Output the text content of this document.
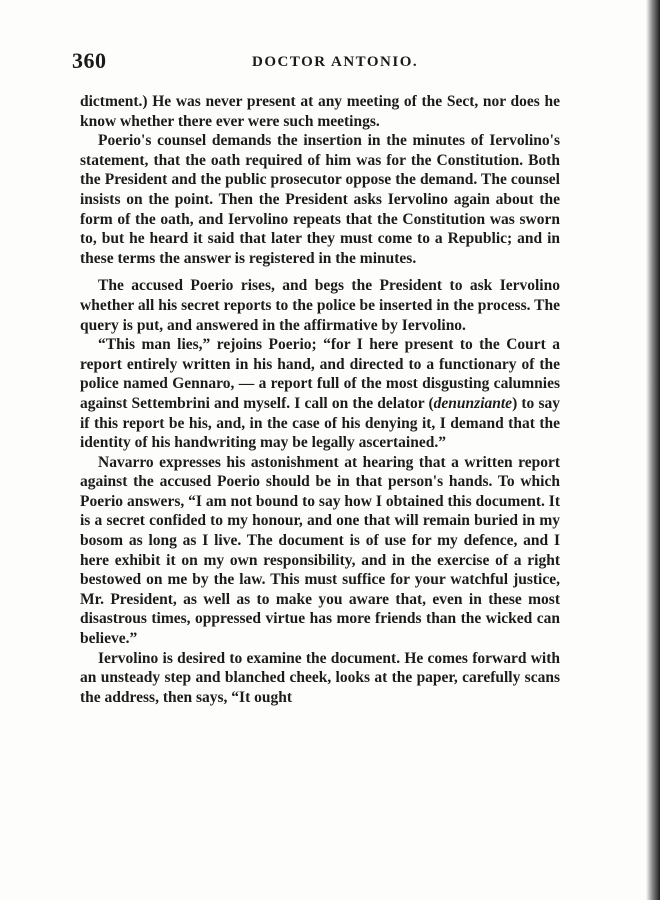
360	DOCTOR ANTONIO.

dictment.) He was never present at any meeting of the Sect, nor does he know whether there ever were such meetings.

Poerio's counsel demands the insertion in the minutes of Iervolino's statement, that the oath required of him was for the Constitution. Both the President and the public prosecutor oppose the demand. The counsel insists on the point. Then the President asks Iervolino again about the form of the oath, and Iervolino repeats that the Constitution was sworn to, but he heard it said that later they must come to a Republic; and in these terms the answer is registered in the minutes.

The accused Poerio rises, and begs the President to ask Iervolino whether all his secret reports to the police be inserted in the process. The query is put, and answered in the affirmative by Iervolino.

“This man lies,” rejoins Poerio; “for I here present to the Court a report entirely written in his hand, and directed to a functionary of the police named Gennaro, — a report full of the most disgusting calumnies against Settembrini and myself. I call on the delator (denunziante) to say if this report be his, and, in the case of his denying it, I demand that the identity of his handwriting may be legally ascertained.”

Navarro expresses his astonishment at hearing that a written report against the accused Poerio should be in that person's hands. To which Poerio answers, “I am not bound to say how I obtained this document. It is a secret confided to my honour, and one that will remain buried in my bosom as long as I live. The document is of use for my defence, and I here exhibit it on my own responsibility, and in the exercise of a right bestowed on me by the law. This must suffice for your watchful justice, Mr. President, as well as to make you aware that, even in these most disastrous times, oppressed virtue has more friends than the wicked can believe.”

Iervolino is desired to examine the document. He comes forward with an unsteady step and blanched cheek, looks at the paper, carefully scans the address, then says, “It ought
